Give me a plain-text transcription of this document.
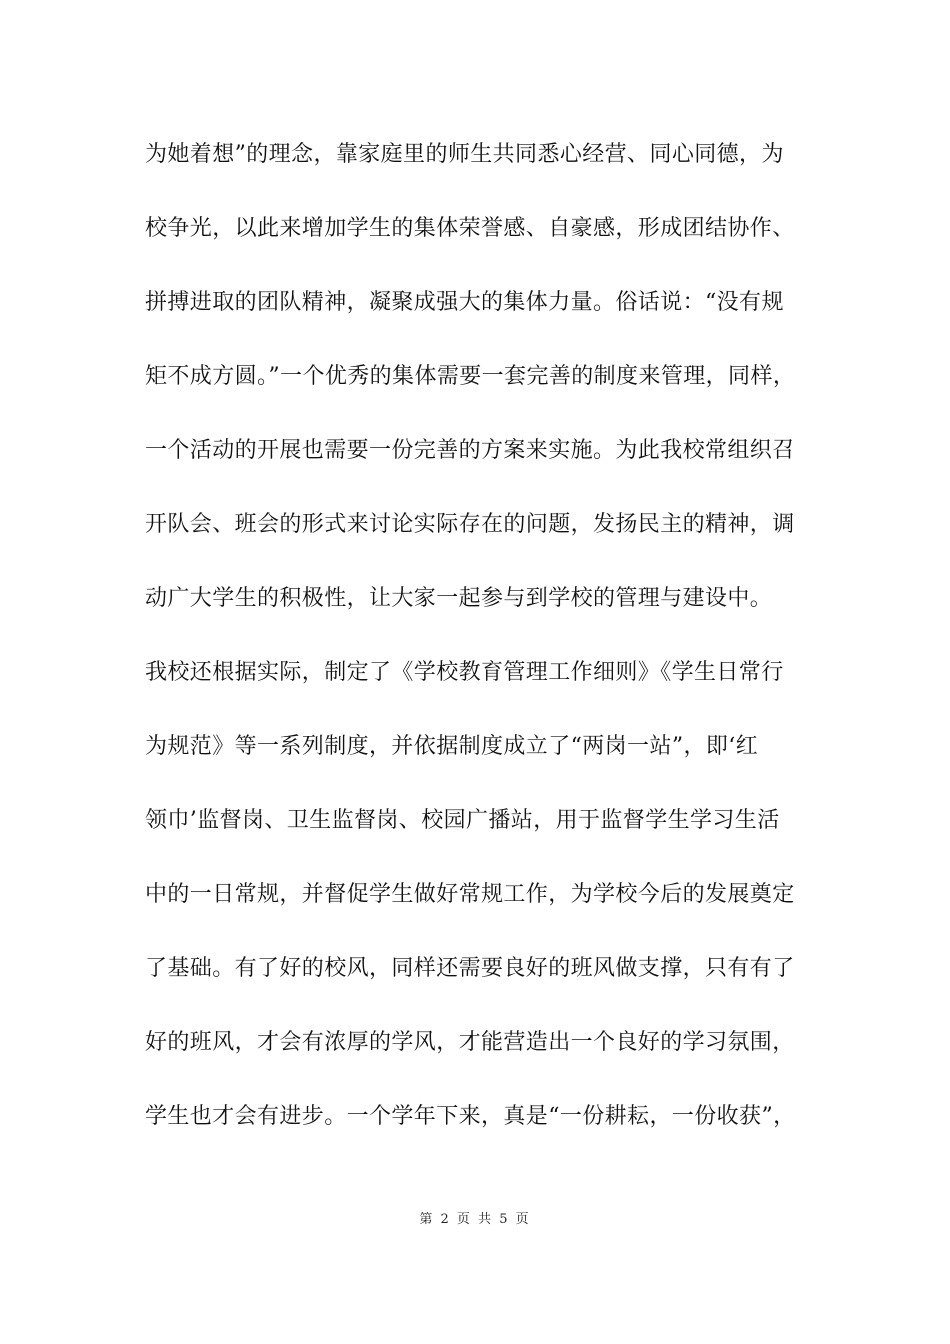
为她着想”的理念，靠家庭里的师生共同悉心经营、同心同德，为
校争光，以此来增加学生的集体荣誉感、自豪感，形成团结协作、
拼搏进取的团队精神，凝聚成强大的集体力量。俗话说：“没有规
矩不成方圆。”一个优秀的集体需要一套完善的制度来管理，同样，
一个活动的开展也需要一份完善的方案来实施。为此我校常组织召
开队会、班会的形式来讨论实际存在的问题，发扬民主的精神，调
动广大学生的积极性，让大家一起参与到学校的管理与建设中。
我校还根据实际，制定了《学校教育管理工作细则》《学生日常行
为规范》等一系列制度，并依据制度成立了“两岗一站”，即‘红
领巾’监督岗、卫生监督岗、校园广播站，用于监督学生学习生活
中的一日常规，并督促学生做好常规工作，为学校今后的发展奠定
了基础。有了好的校风，同样还需要良好的班风做支撑，只有有了
好的班风，才会有浓厚的学风，才能营造出一个良好的学习氛围，
学生也才会有进步。一个学年下来，真是“一份耕耘，一份收获”，
第 2 页 共 5 页
